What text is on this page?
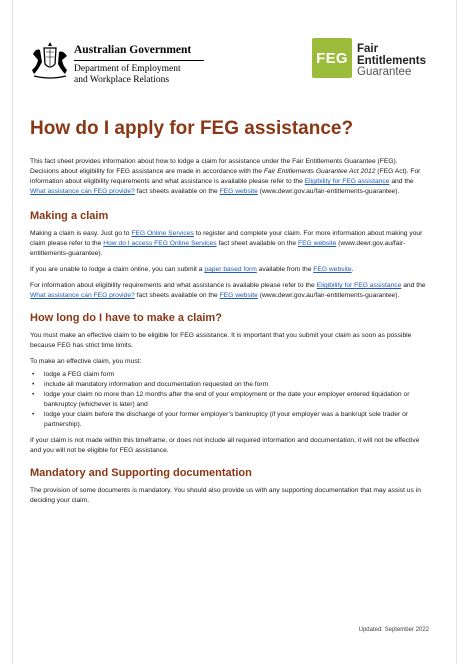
Australian Government
Department of Employment
and Workplace Relations
FEG
Fair
Entitlements
Guarantee
How do I apply for FEG assistance?

This fact sheet provides information about how to lodge a claim for assistance under the Fair Entitlements Guarantee (FEG). Decisions about eligibility for FEG assistance are made in accordance with the Fair Entitlements Guarantee Act 2012 (FEG Act). For information about eligibility requirements and what assistance is available please refer to the Eligibility for FEG assistance and the What assistance can FEG provide? fact sheets available on the FEG website (www.dewr.gov.au/fair-entitlements-guarantee).

Making a claim

Making a claim is easy. Just go to FEG Online Services to register and complete your claim. For more information about making your claim please refer to the How do I access FEG Online Services fact sheet available on the FEG website (www.dewr.gov.au/fair-entitlements-guarantee).

If you are unable to lodge a claim online, you can submit a paper based form available from the FEG website.

For information about eligibility requirements and what assistance is available please refer to the Eligibility for FEG assistance and the What assistance can FEG provide? fact sheets available on the FEG website (www.dewr.gov.au/fair-entitlements-guarantee).

How long do I have to make a claim?

You must make an effective claim to be eligible for FEG assistance. It is important that you submit your claim as soon as possible because FEG has strict time limits.

To make an effective claim, you must:

• lodge a FEG claim form
• include all mandatory information and documentation requested on the form
• lodge your claim no more than 12 months after the end of your employment or the date your employer entered liquidation or bankruptcy (whichever is later) and
• lodge your claim before the discharge of your former employer’s bankruptcy (if your employer was a bankrupt sole trader or partnership).

If your claim is not made within this timeframe, or does not include all required information and documentation, it will not be effective and you will not be eligible for FEG assistance.

Mandatory and Supporting documentation

The provision of some documents is mandatory. You should also provide us with any supporting documentation that may assist us in deciding your claim.

Updated: September 2022
